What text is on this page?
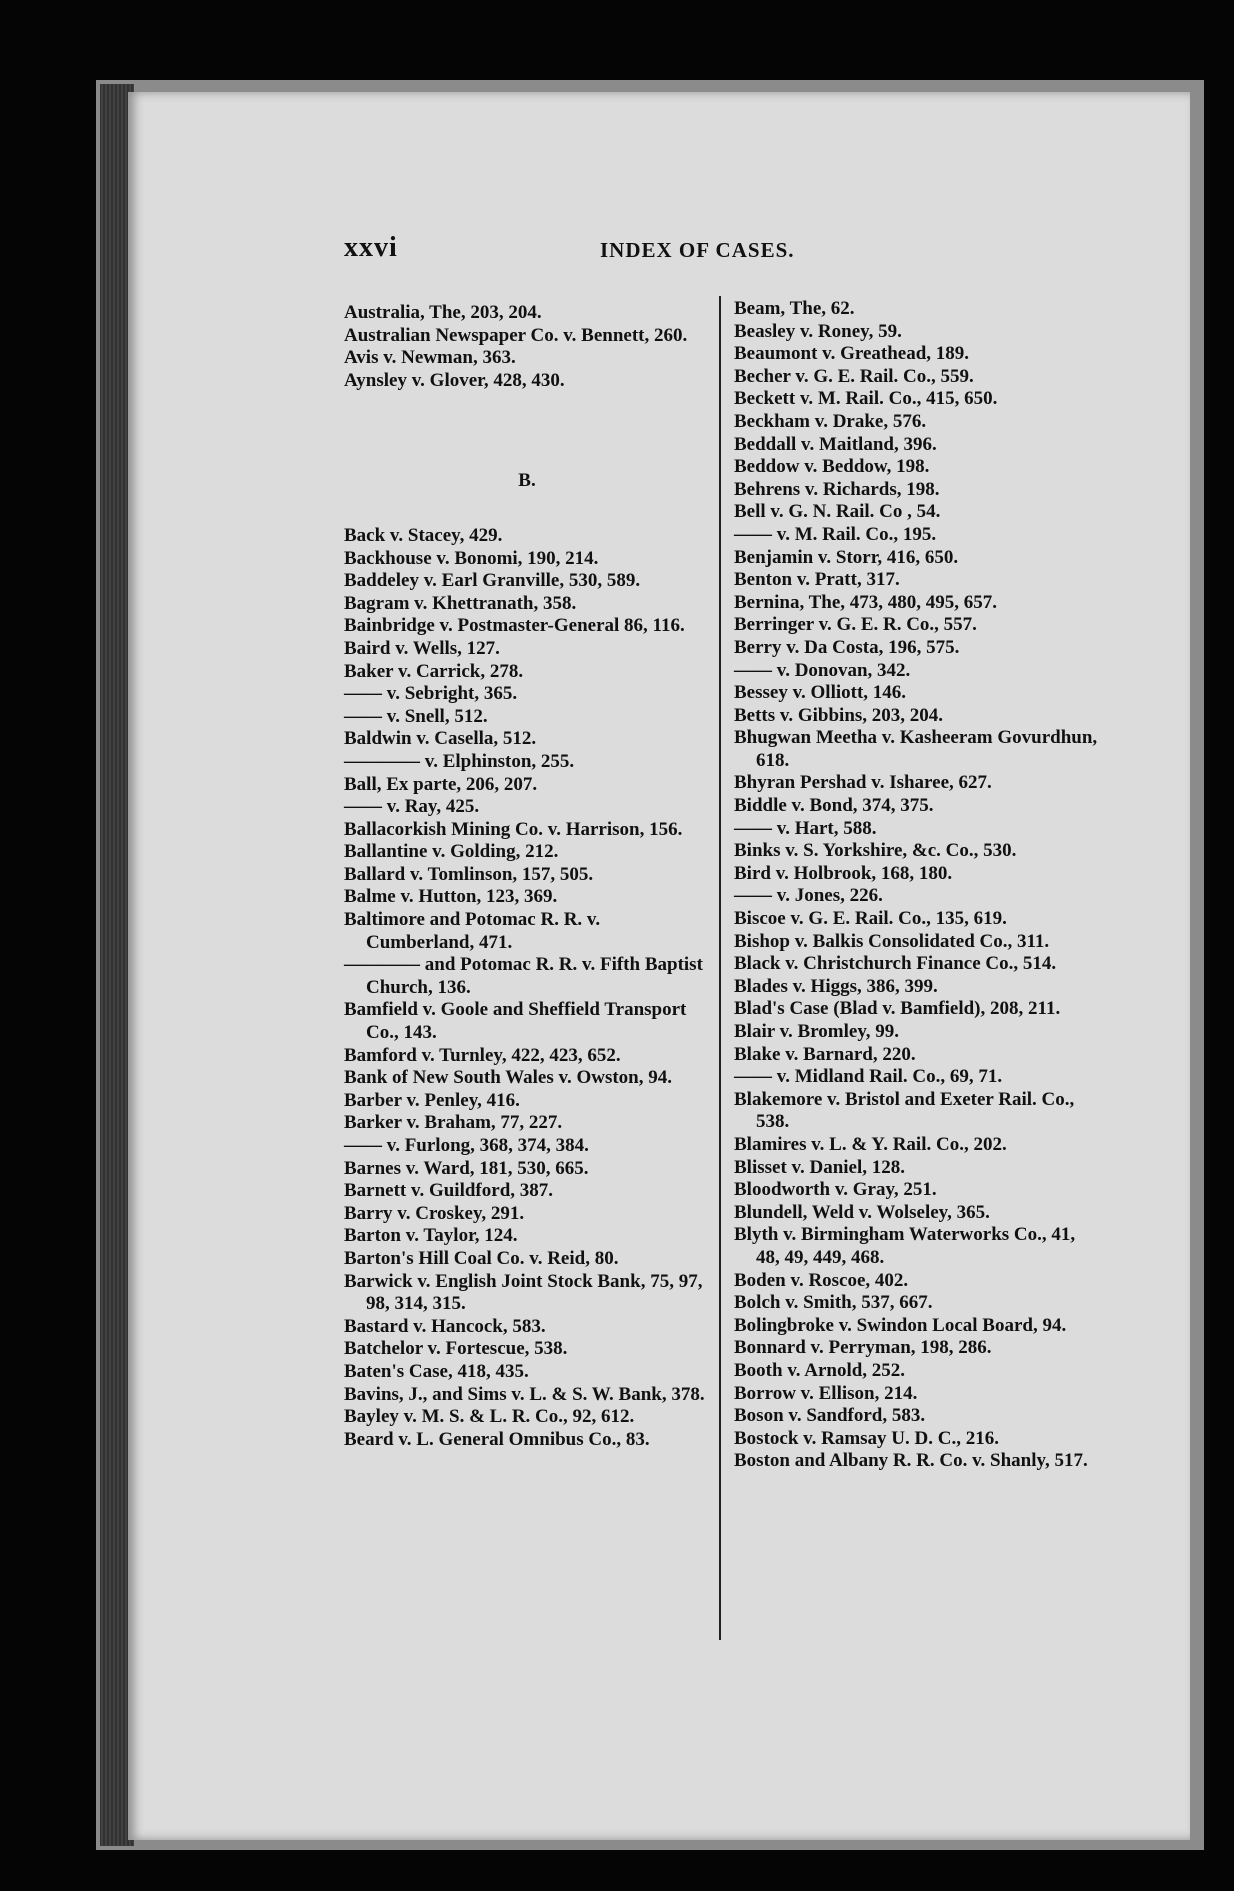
xxvi	INDEX OF CASES.

Australia, The, 203, 204.

Australian Newspaper Co. v. Bennett, 260.

Avis v. Newman, 363.

Aynsley v. Glover, 428, 430.

B.

Back v. Stacey, 429.

Backhouse v. Bonomi, 190, 214.

Baddeley v. Earl Granville, 530, 589.

Bagram v. Khettranath, 358.

Bainbridge v. Postmaster-General 86, 116.

Baird v. Wells, 127.

Baker v. Carrick, 278.

—— v. Sebright, 365.

—— v. Snell, 512.

Baldwin v. Casella, 512.

———— v. Elphinston, 255.

Ball, Ex parte, 206, 207.

—— v. Ray, 425.

Ballacorkish Mining Co. v. Harrison, 156.

Ballantine v. Golding, 212.

Ballard v. Tomlinson, 157, 505.

Balme v. Hutton, 123, 369.

Baltimore and Potomac R. R. v. Cumberland, 471.

———— and Potomac R. R. v. Fifth Baptist Church, 136.

Bamfield v. Goole and Sheffield Transport Co., 143.

Bamford v. Turnley, 422, 423, 652.

Bank of New South Wales v. Owston, 94.

Barber v. Penley, 416.

Barker v. Braham, 77, 227.

—— v. Furlong, 368, 374, 384.

Barnes v. Ward, 181, 530, 665.

Barnett v. Guildford, 387.

Barry v. Croskey, 291.

Barton v. Taylor, 124.

Barton's Hill Coal Co. v. Reid, 80.

Barwick v. English Joint Stock Bank, 75, 97, 98, 314, 315.

Bastard v. Hancock, 583.

Batchelor v. Fortescue, 538.

Baten's Case, 418, 435.

Bavins, J., and Sims v. L. & S. W. Bank, 378.

Bayley v. M. S. & L. R. Co., 92, 612.

Beard v. L. General Omnibus Co., 83.

Beam, The, 62.

Beasley v. Roney, 59.

Beaumont v. Greathead, 189.

Becher v. G. E. Rail. Co., 559.

Beckett v. M. Rail. Co., 415, 650.

Beckham v. Drake, 576.

Beddall v. Maitland, 396.

Beddow v. Beddow, 198.

Behrens v. Richards, 198.

Bell v. G. N. Rail. Co , 54.

—— v. M. Rail. Co., 195.

Benjamin v. Storr, 416, 650.

Benton v. Pratt, 317.

Bernina, The, 473, 480, 495, 657.

Berringer v. G. E. R. Co., 557.

Berry v. Da Costa, 196, 575.

—— v. Donovan, 342.

Bessey v. Olliott, 146.

Betts v. Gibbins, 203, 204.

Bhugwan Meetha v. Kasheeram Govurdhun, 618.

Bhyran Pershad v. Isharee, 627.

Biddle v. Bond, 374, 375.

—— v. Hart, 588.

Binks v. S. Yorkshire, &c. Co., 530.

Bird v. Holbrook, 168, 180.

—— v. Jones, 226.

Biscoe v. G. E. Rail. Co., 135, 619.

Bishop v. Balkis Consolidated Co., 311.

Black v. Christchurch Finance Co., 514.

Blades v. Higgs, 386, 399.

Blad's Case (Blad v. Bamfield), 208, 211.

Blair v. Bromley, 99.

Blake v. Barnard, 220.

—— v. Midland Rail. Co., 69, 71.

Blakemore v. Bristol and Exeter Rail. Co., 538.

Blamires v. L. & Y. Rail. Co., 202.

Blisset v. Daniel, 128.

Bloodworth v. Gray, 251.

Blundell, Weld v. Wolseley, 365.

Blyth v. Birmingham Waterworks Co., 41, 48, 49, 449, 468.

Boden v. Roscoe, 402.

Bolch v. Smith, 537, 667.

Bolingbroke v. Swindon Local Board, 94.

Bonnard v. Perryman, 198, 286.

Booth v. Arnold, 252.

Borrow v. Ellison, 214.

Boson v. Sandford, 583.

Bostock v. Ramsay U. D. C., 216.

Boston and Albany R. R. Co. v. Shanly, 517.
